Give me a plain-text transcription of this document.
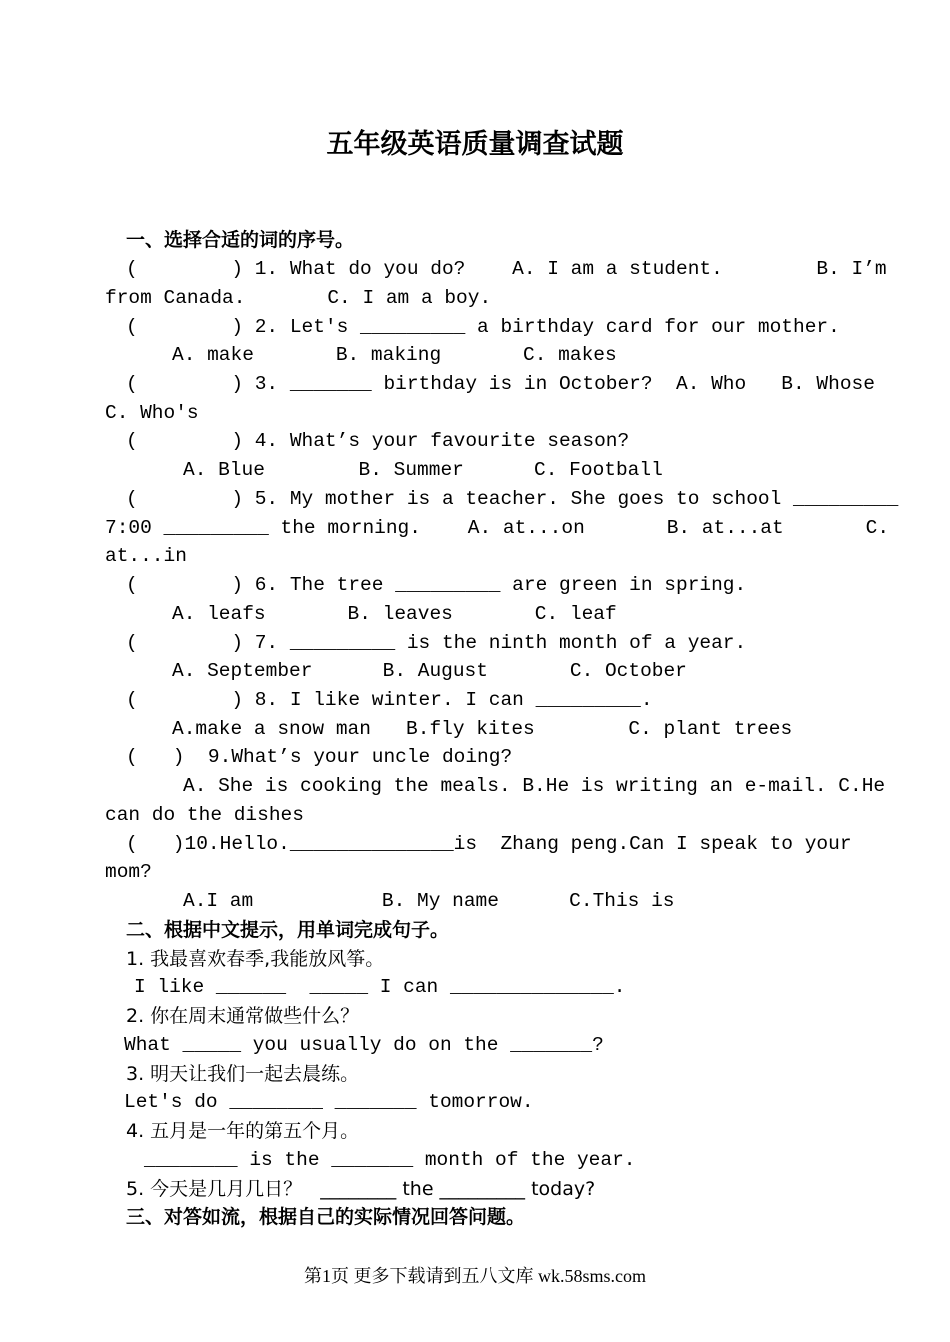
五年级英语质量调查试题
一、选择合适的词的序号。
(        ) 1. What do you do?    A. I am a student.        B. I’m
from Canada.       C. I am a boy.
(        ) 2. Let's _________ a birthday card for our mother.
A. make       B. making       C. makes
(        ) 3. _______ birthday is in October?  A. Who   B. Whose
C. Who's
(        ) 4. What’s your favourite season?
A. Blue        B. Summer      C. Football
(        ) 5. My mother is a teacher. She goes to school _________
7:00 _________ the morning.    A. at...on       B. at...at       C.
at...in
(        ) 6. The tree _________ are green in spring.
A. leafs       B. leaves       C. leaf
(        ) 7. _________ is the ninth month of a year.
A. September      B. August       C. October
(        ) 8. I like winter. I can _________.
A.make a snow man   B.fly kites        C. plant trees
(   )  9.What’s your uncle doing?
A. She is cooking the meals. B.He is writing an e-mail. C.He
can do the dishes
(   )10.Hello.______________is  Zhang peng.Can I speak to your
mom?
A.I am           B. My name      C.This is
二、根据中文提示，用单词完成句子。
1. 我最喜欢春季,我能放风筝。
I like ______  _____ I can ______________.
2. 你在周末通常做些什么？
What _____ you usually do on the _______?
3. 明天让我们一起去晨练。
Let's do ________ _______ tomorrow.
4. 五月是一年的第五个月。
________ is the _______ month of the year.
5. 今天是几月几日？   ________ the _________ today?
三、对答如流，根据自己的实际情况回答问题。
第1页 更多下载请到五八文库 wk.58sms.com
